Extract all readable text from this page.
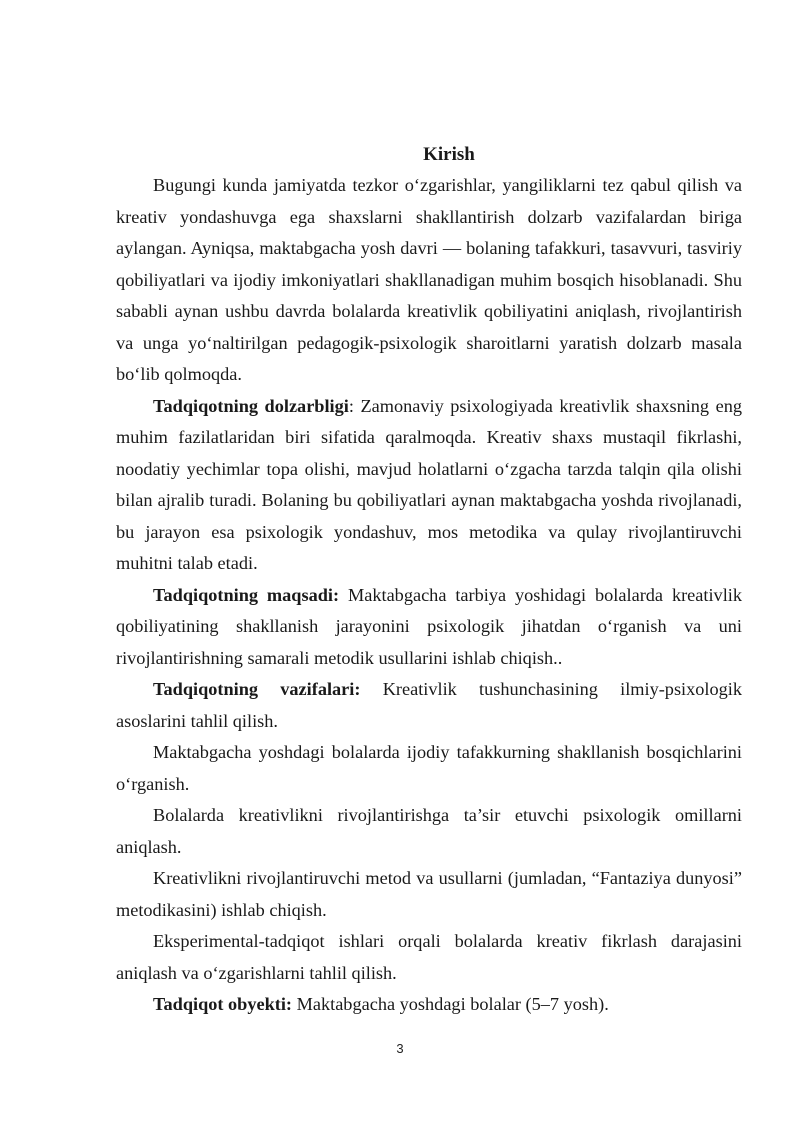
Kirish

Bugungi kunda jamiyatda tezkor o‘zgarishlar, yangiliklarni tez qabul qilish va kreativ yondashuvga ega shaxslarni shakllantirish dolzarb vazifalardan biriga aylangan. Ayniqsa, maktabgacha yosh davri — bolaning tafakkuri, tasavvuri, tasviriy qobiliyatlari va ijodiy imkoniyatlari shakllanadigan muhim bosqich hisoblanadi. Shu sababli aynan ushbu davrda bolalarda kreativlik qobiliyatini aniqlash, rivojlantirish va unga yo‘naltirilgan pedagogik-psixologik sharoitlarni yaratish dolzarb masala bo‘lib qolmoqda.

Tadqiqotning dolzarbligi: Zamonaviy psixologiyada kreativlik shaxsning eng muhim fazilatlaridan biri sifatida qaralmoqda. Kreativ shaxs mustaqil fikrlashi, noodatiy yechimlar topa olishi, mavjud holatlarni o‘zgacha tarzda talqin qila olishi bilan ajralib turadi. Bolaning bu qobiliyatlari aynan maktabgacha yoshda rivojlanadi, bu jarayon esa psixologik yondashuv, mos metodika va qulay rivojlantiruvchi muhitni talab etadi.

Tadqiqotning maqsadi: Maktabgacha tarbiya yoshidagi bolalarda kreativlik qobiliyatining shakllanish jarayonini psixologik jihatdan o‘rganish va uni rivojlantirishning samarali metodik usullarini ishlab chiqish..

Tadqiqotning vazifalari: Kreativlik tushunchasining ilmiy-psixologik asoslarini tahlil qilish.

Maktabgacha yoshdagi bolalarda ijodiy tafakkurning shakllanish bosqichlarini o‘rganish.

Bolalarda kreativlikni rivojlantirishga ta’sir etuvchi psixologik omillarni aniqlash.

Kreativlikni rivojlantiruvchi metod va usullarni (jumladan, “Fantaziya dunyosi” metodikasini) ishlab chiqish.

Eksperimental-tadqiqot ishlari orqali bolalarda kreativ fikrlash darajasini aniqlash va o‘zgarishlarni tahlil qilish.

Tadqiqot obyekti: Maktabgacha yoshdagi bolalar (5–7 yosh).

3
